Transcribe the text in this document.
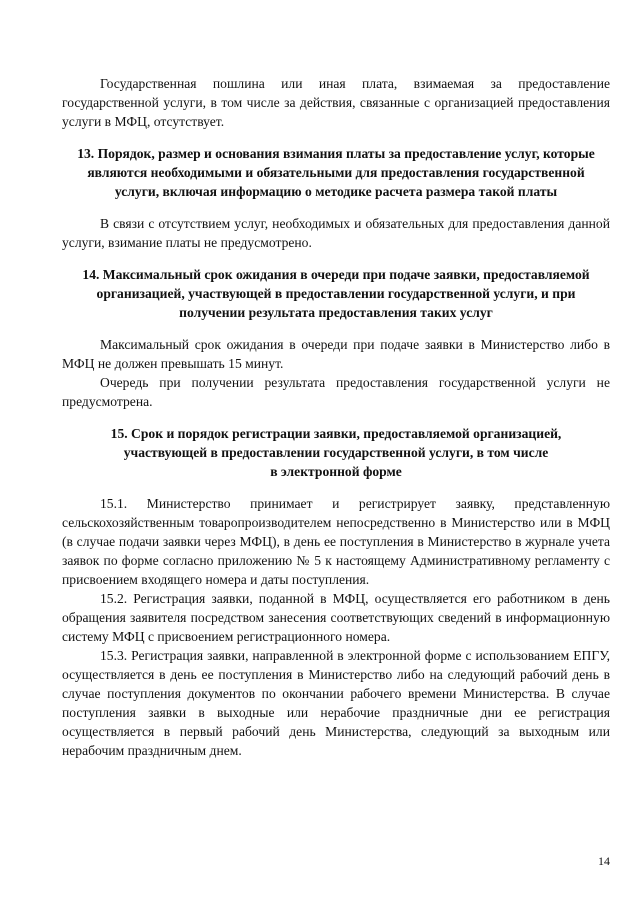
Государственная пошлина или иная плата, взимаемая за предоставление государственной услуги, в том числе за действия, связанные с организацией предоставления услуги в МФЦ, отсутствует.

13. Порядок, размер и основания взимания платы за предоставление услуг, которые являются необходимыми и обязательными для предоставления государственной услуги, включая информацию о методике расчета размера такой платы

В связи с отсутствием услуг, необходимых и обязательных для предоставления данной услуги, взимание платы не предусмотрено.

14. Максимальный срок ожидания в очереди при подаче заявки, предоставляемой организацией, участвующей в предоставлении государственной услуги, и при получении результата предоставления таких услуг

Максимальный срок ожидания в очереди при подаче заявки в Министерство либо в МФЦ не должен превышать 15 минут.

Очередь при получении результата предоставления государственной услуги не предусмотрена.

15. Срок и порядок регистрации заявки, предоставляемой организацией, участвующей в предоставлении государственной услуги, в том числе
в электронной форме

15.1. Министерство принимает и регистрирует заявку, представленную сельскохозяйственным товаропроизводителем непосредственно в Министерство или в МФЦ (в случае подачи заявки через МФЦ), в день ее поступления в Министерство в журнале учета заявок по форме согласно приложению № 5 к настоящему Административному регламенту с присвоением входящего номера и даты поступления.

15.2. Регистрация заявки, поданной в МФЦ, осуществляется его работником в день обращения заявителя посредством занесения соответствующих сведений в информационную систему МФЦ с присвоением регистрационного номера.

15.3. Регистрация заявки, направленной в электронной форме с использованием ЕПГУ, осуществляется в день ее поступления в Министерство либо на следующий рабочий день в случае поступления документов по окончании рабочего времени Министерства. В случае поступления заявки в выходные или нерабочие праздничные дни ее регистрация осуществляется в первый рабочий день Министерства, следующий за выходным или нерабочим праздничным днем.

14
